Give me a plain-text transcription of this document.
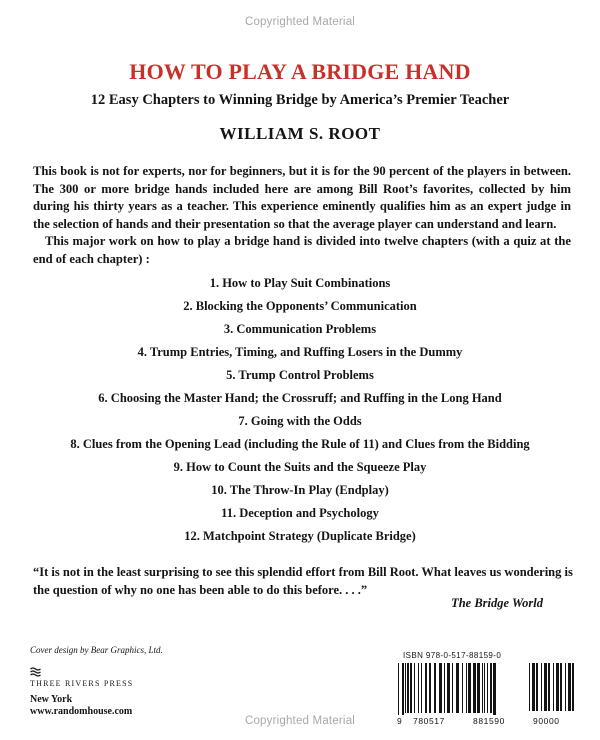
Copyrighted Material
HOW TO PLAY A BRIDGE HAND
12 Easy Chapters to Winning Bridge by America’s Premier Teacher
WILLIAM S. ROOT

This book is not for experts, nor for beginners, but it is for the 90 percent of the players in between. The 300 or more bridge hands included here are among Bill Root’s favorites, collected by him during his thirty years as a teacher. This experience eminently qualifies him as an expert judge in the selection of hands and their presentation so that the average player can understand and learn.

This major work on how to play a bridge hand is divided into twelve chapters (with a quiz at the end of each chapter) :

1. How to Play Suit Combinations
2. Blocking the Opponents’ Communication
3. Communication Problems
4. Trump Entries, Timing, and Ruffing Losers in the Dummy
5. Trump Control Problems
6. Choosing the Master Hand; the Crossruff; and Ruffing in the Long Hand
7. Going with the Odds
8. Clues from the Opening Lead (including the Rule of 11) and Clues from the Bidding
9. How to Count the Suits and the Squeeze Play
10. The Throw-In Play (Endplay)
11. Deception and Psychology
12. Matchpoint Strategy (Duplicate Bridge)
“It is not in the least surprising to see this splendid effort from Bill Root. What leaves us wondering is the question of why no one has been able to do this before. . . .”
The Bridge World
Cover design by Bear Graphics, Ltd.
THREE RIVERS PRESS
New York
www.randomhouse.com
ISBN 978-0-517-88159-0
9 780517	881590	90000
Copyrighted Material
